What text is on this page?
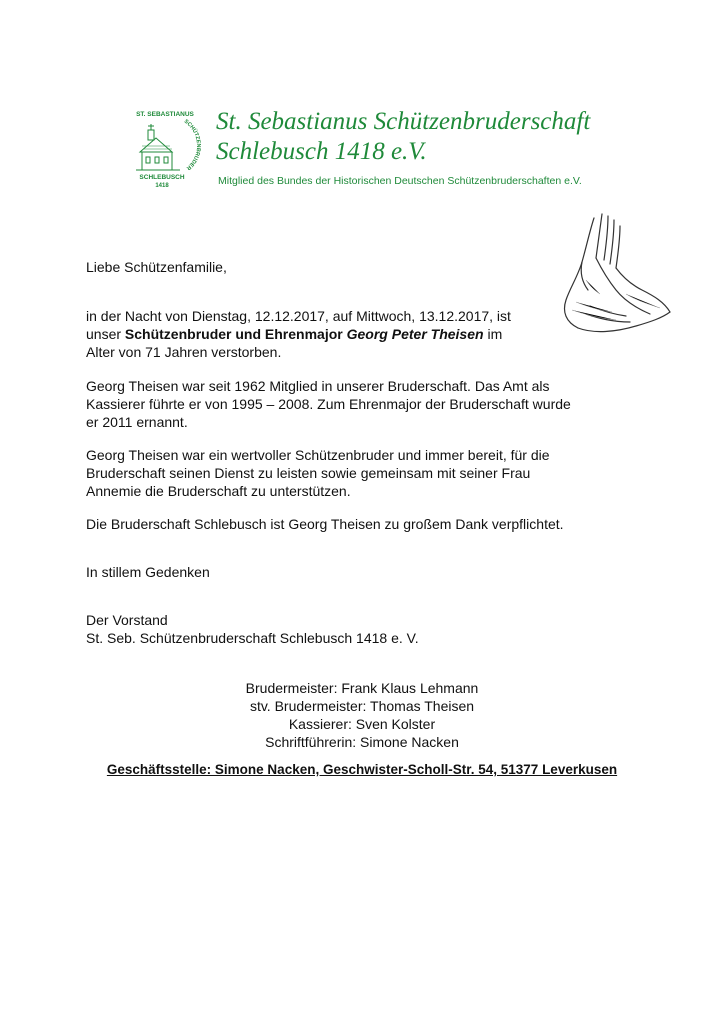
ST. SEBASTIANUS
SCHÜTZENBRUDER
SCHLEBUSCH
1418
St. Sebastianus Schützenbruderschaft
Schlebusch 1418 e.V.
Mitglied des Bundes der Historischen Deutschen Schützenbruderschaften e.V.
Liebe Schützenfamilie,
in der Nacht von Dienstag, 12.12.2017, auf Mittwoch, 13.12.2017, ist
unser Schützenbruder und Ehrenmajor Georg Peter Theisen im
Alter von 71 Jahren verstorben.
Georg Theisen war seit 1962 Mitglied in unserer Bruderschaft. Das Amt als
Kassierer führte er von 1995 – 2008. Zum Ehrenmajor der Bruderschaft wurde
er 2011 ernannt.
Georg Theisen war ein wertvoller Schützenbruder und immer bereit, für die
Bruderschaft seinen Dienst zu leisten sowie gemeinsam mit seiner Frau
Annemie die Bruderschaft zu unterstützen.
Die Bruderschaft Schlebusch ist Georg Theisen zu großem Dank verpflichtet.
In stillem Gedenken
Der Vorstand
St. Seb. Schützenbruderschaft Schlebusch 1418 e. V.
Brudermeister: Frank Klaus Lehmann
stv. Brudermeister: Thomas Theisen
Kassierer: Sven Kolster
Schriftführerin: Simone Nacken
Geschäftsstelle: Simone Nacken, Geschwister-Scholl-Str. 54, 51377 Leverkusen
